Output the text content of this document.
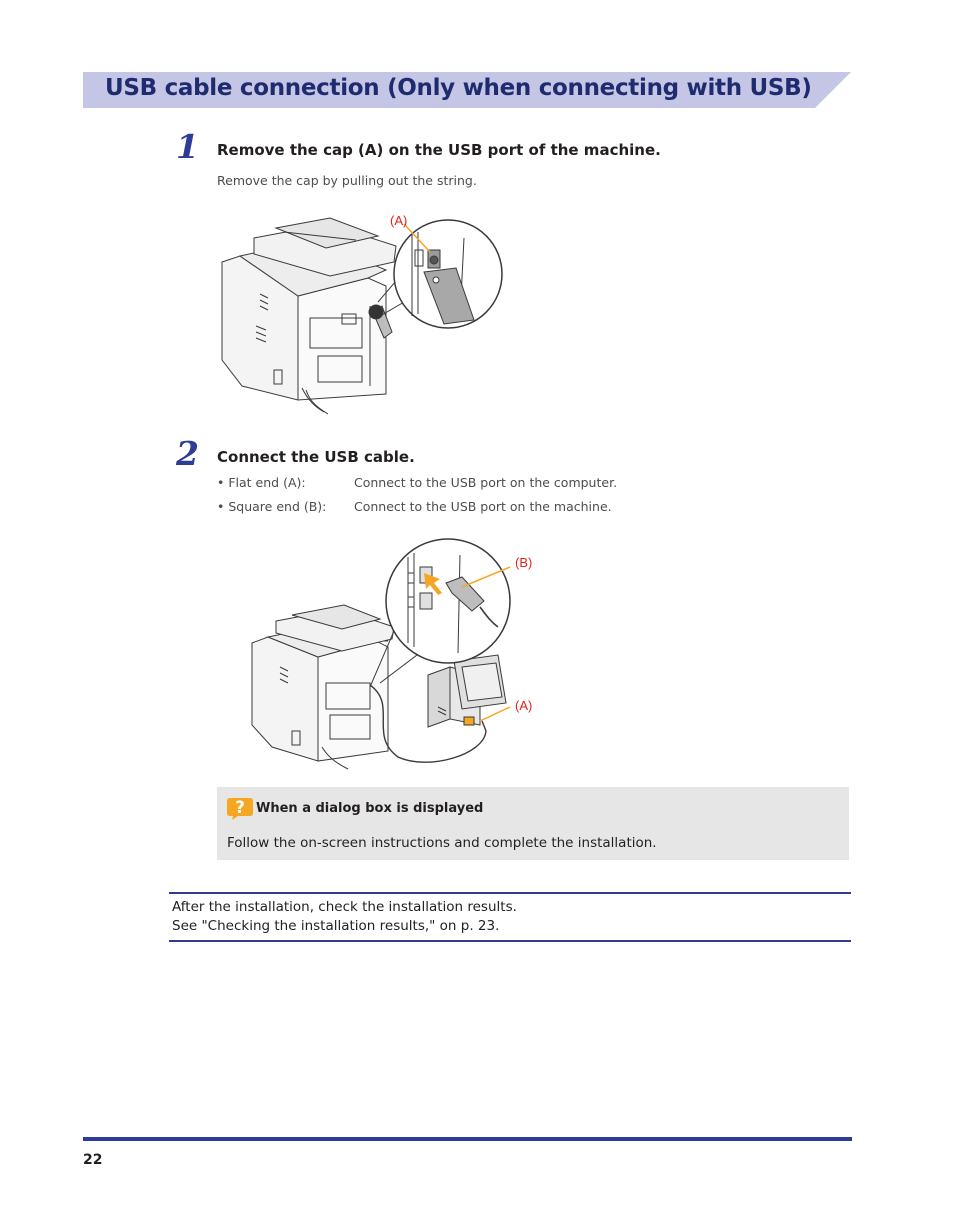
USB cable connection (Only when connecting with USB)
1 Remove the cap (A) on the USB port of the machine.
Remove the cap by pulling out the string.
(A)
2 Connect the USB cable.
• Flat end (A):	Connect to the USB port on the computer.
• Square end (B): Connect to the USB port on the machine.
(B)
(A)
? When a dialog box is displayed
Follow the on-screen instructions and complete the installation.
After the installation, check the installation results.
See "Checking the installation results," on p. 23.
22
